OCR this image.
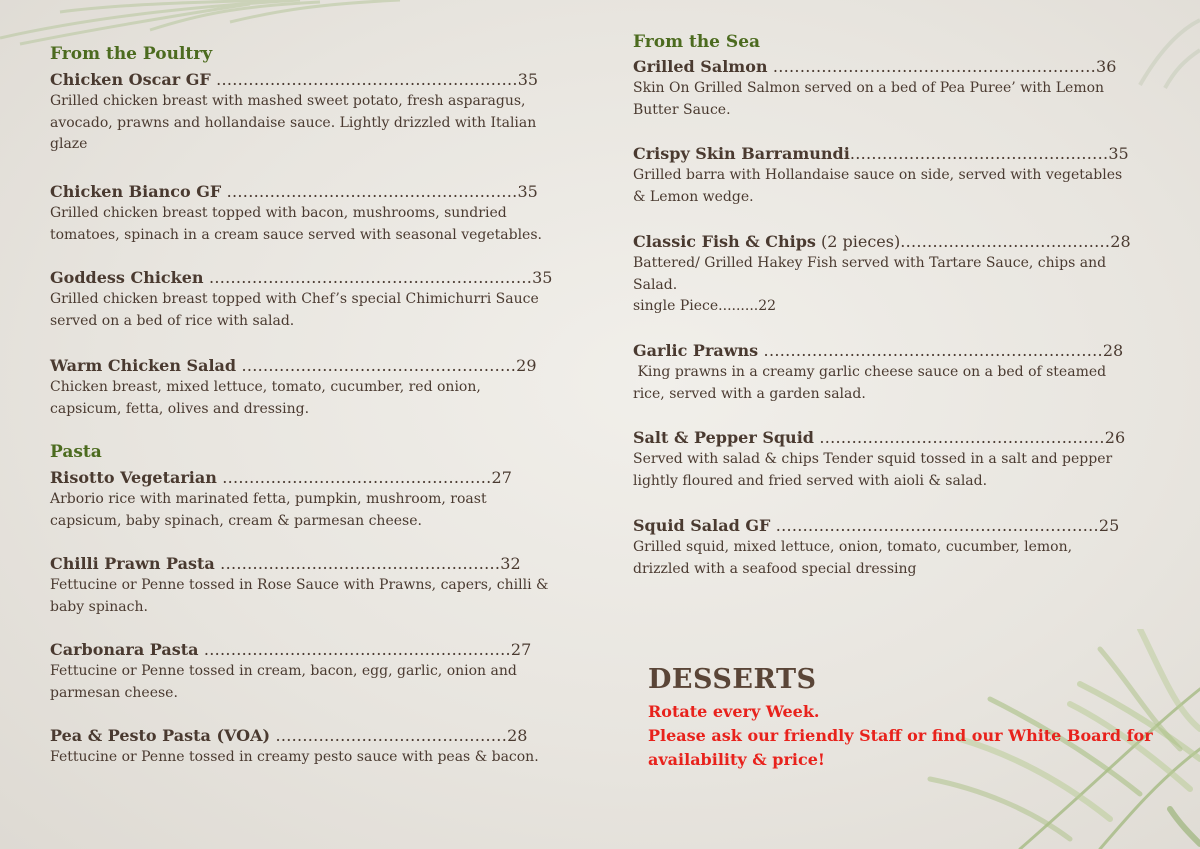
From the Poultry
Chicken Oscar GF ........................................................35

Grilled chicken breast with mashed sweet potato, fresh asparagus, avocado, prawns and hollandaise sauce. Lightly drizzled with Italian glaze

Chicken Bianco GF ......................................................35

Grilled chicken breast topped with bacon, mushrooms, sundried tomatoes, spinach in a cream sauce served with seasonal vegetables.

Goddess Chicken ............................................................35

Grilled chicken breast topped with Chef’s special Chimichurri Sauce served on a bed of rice with salad.

Warm Chicken Salad ...................................................29

Chicken breast, mixed lettuce, tomato, cucumber, red onion, capsicum, fetta, olives and dressing.

Pasta
Risotto Vegetarian ..................................................27

Arborio rice with marinated fetta, pumpkin, mushroom, roast capsicum, baby spinach, cream & parmesan cheese.

Chilli Prawn Pasta ....................................................32

Fettucine or Penne tossed in Rose Sauce with Prawns, capers, chilli & baby spinach.

Carbonara Pasta .........................................................27

Fettucine or Penne tossed in cream, bacon, egg, garlic, onion and parmesan cheese.

Pea & Pesto Pasta (VOA) ...........................................28

Fettucine or Penne tossed in creamy pesto sauce with peas & bacon.

From the Sea
Grilled Salmon ............................................................36

Skin On Grilled Salmon served on a bed of Pea Puree’ with Lemon Butter Sauce.

Crispy Skin Barramundi................................................35

Grilled barra with Hollandaise sauce on side, served with vegetables & Lemon wedge.

Classic Fish & Chips (2 pieces).......................................28

Battered/ Grilled Hakey Fish served with Tartare Sauce, chips and Salad.

single Piece.........22

Garlic Prawns ...............................................................28

King prawns in a creamy garlic cheese sauce on a bed of steamed rice, served with a garden salad.

Salt & Pepper Squid .....................................................26

Served with salad & chips Tender squid tossed in a salt and pepper lightly floured and fried served with aioli & salad.

Squid Salad GF ............................................................25

Grilled squid, mixed lettuce, onion, tomato, cucumber, lemon, drizzled with a seafood special dressing

DESSERTS

Rotate every Week.

Please ask our friendly Staff or find our White Board for

availability & price!
